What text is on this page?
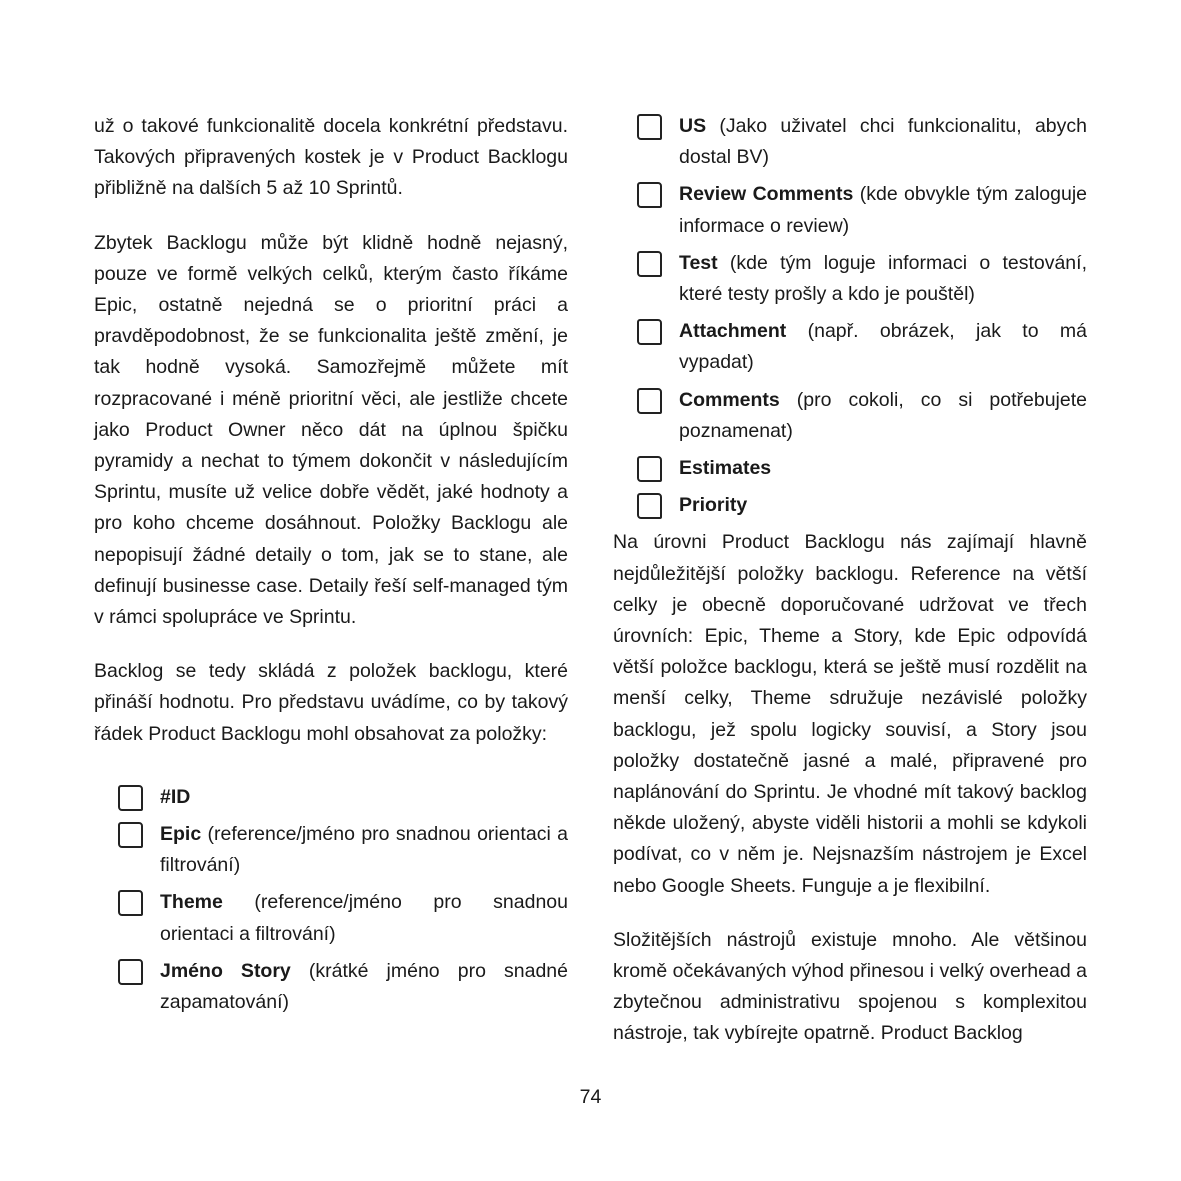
už o takové funkcionalitě docela konkrétní představu. Takových připravených kostek je v Product Backlogu přibližně na dalších 5 až 10 Sprintů.

Zbytek Backlogu může být klidně hodně nejasný, pouze ve formě velkých celků, kterým často říkáme Epic, ostatně nejedná se o prioritní práci a pravděpodobnost, že se funkcionalita ještě změní, je tak hodně vysoká. Samozřejmě můžete mít rozpracované i méně prioritní věci, ale jestliže chcete jako Product Owner něco dát na úplnou špičku pyramidy a nechat to týmem dokončit v následujícím Sprintu, musíte už velice dobře vědět, jaké hodnoty a pro koho chceme dosáhnout. Položky Backlogu ale nepopisují žádné detaily o tom, jak se to stane, ale definují businesse case. Detaily řeší self-managed tým v rámci spolupráce ve Sprintu.

Backlog se tedy skládá z položek backlogu, které přináší hodnotu. Pro představu uvádíme, co by takový řádek Product Backlogu mohl obsahovat za položky:

#ID
Epic (reference/jméno pro snadnou orientaci a filtrování)
Theme (reference/jméno pro snadnou orientaci a filtrování)
Jméno Story (krátké jméno pro snadné zapamatování)
US (Jako uživatel chci funkcionalitu, abych dostal BV)
Review Comments (kde obvykle tým zaloguje informace o review)
Test (kde tým loguje informaci o testování, které testy prošly a kdo je pouštěl)
Attachment (např. obrázek, jak to má vypadat)
Comments (pro cokoli, co si potřebujete poznamenat)
Estimates
Priority

Na úrovni Product Backlogu nás zajímají hlavně nejdůležitější položky backlogu. Reference na větší celky je obecně doporučované udržovat ve třech úrovních: Epic, Theme a Story, kde Epic odpovídá větší položce backlogu, která se ještě musí rozdělit na menší celky, Theme sdružuje nezávislé položky backlogu, jež spolu logicky souvisí, a Story jsou položky dostatečně jasné a malé, připravené pro naplánování do Sprintu. Je vhodné mít takový backlog někde uložený, abyste viděli historii a mohli se kdykoli podívat, co v něm je. Nejsnazším nástrojem je Excel nebo Google Sheets. Funguje a je flexibilní.

Složitějších nástrojů existuje mnoho. Ale většinou kromě očekávaných výhod přinesou i velký overhead a zbytečnou administrativu spojenou s komplexitou nástroje, tak vybírejte opatrně. Product Backlog

74
